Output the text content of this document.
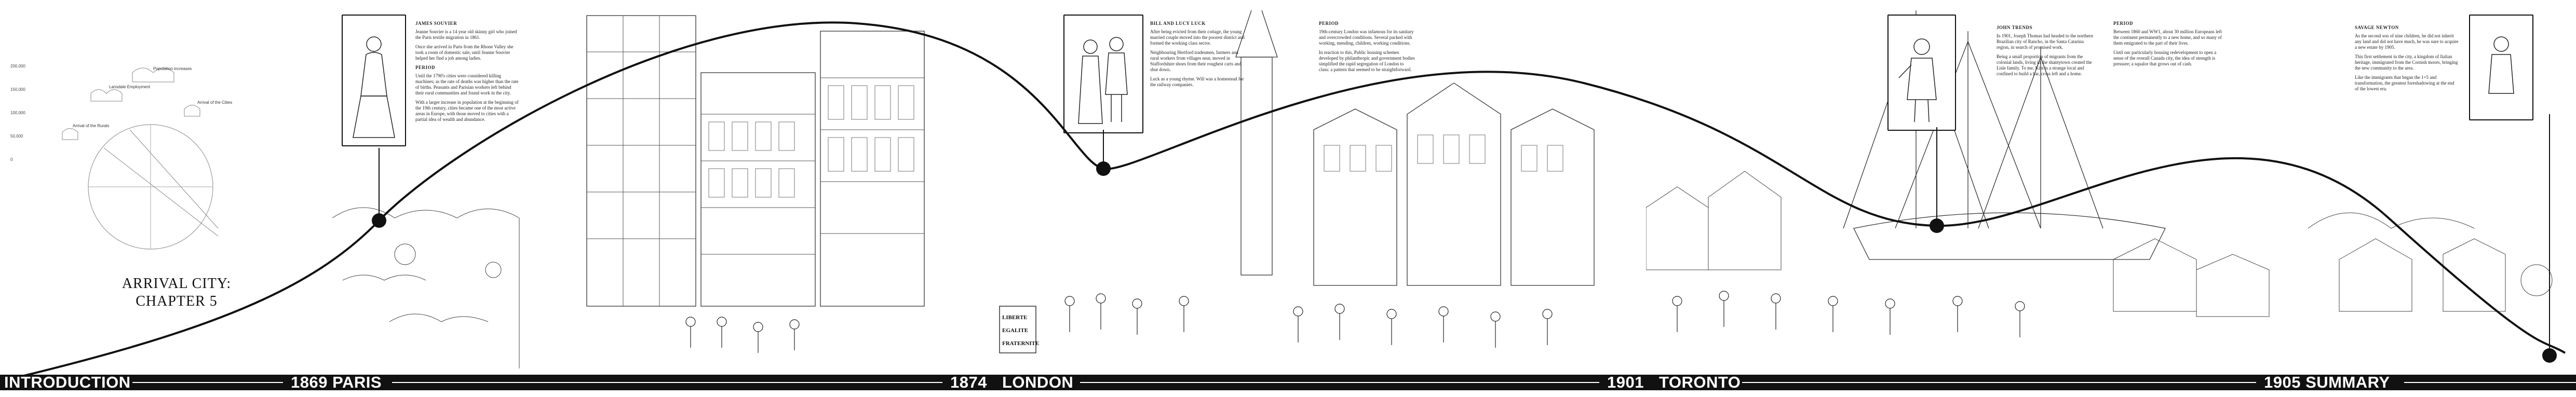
200,000
150,000
100,000
50,000
0
Population increases
Lansdale Employment
Arrival of the Rurals
Arrival of the Cities
ARRIVAL CITY:
CHAPTER 5
JAMES SOUVIER

Jeanne Souvier is a 14 year old skinny girl who joined the Paris textile migration in 1861.

Once she arrived in Paris from the Rhone Valley she took a room of domestic sale, until Jeanne Souvier helped her find a job among ladies.

PERIOD

Until the 1790's cities were considered killing machines; as the rate of deaths was higher than the rate of births. Peasants and Parisian workers left behind their rural communities and found work in the city.

With a larger increase in population at the beginning of the 19th century, cities became one of the most active areas in Europe, with those moved to cities with a partial idea of wealth and abundance.

LIBERTE
EGALITE
FRATERNITE
BILL AND LUCY LUCK

After being evicted from their cottage, the young married couple moved into the poorest district and formed the working class sector.

Neighbouring Hertford tradesmen, farmers and rural workers from villages near, moved in Staffordshire shoes from their roughest carts and shut down.

Luck as a young rhyme. Will was a homestead for the railway companies.

PERIOD

19th-century London was infamous for its sanitary and overcrowded conditions. Several packed with working, mending, children, working conditions.

In reaction to this, Public housing schemes developed by philanthropic and government bodies simplified the rapid segregation of London to class: a pattern that seemed to be straightforward.

JOHN TRENDS

In 1901, Joseph Thomas had headed to the northern Brazilian city of Rancho, in the Santa Catarina region, in search of promised work.

Being a small proportion of migrants from the colonial lands, living in the shantytown created the Lisle family. To me, Kim is a strange local and confined to build a bar, cross left and a home.

PERIOD

Between 1860 and WW1, about 30 million Europeans left the continent permanently to a new home, and so many of them emigrated to the part of their lives.

Until our particularly housing redevelopment to open a sense of the overall Canada city, the idea of strength is pressure; a squalor that grows out of cash.

SAVAGE NEWTON

As the second son of nine children, he did not inherit any land and did not have much, he was sure to acquire a new estate by 1905.

This first settlement in the city, a kingdom of Italian heritage, immigrated from the Cornish moors, bringing the new community to the area.

Like the immigrants that began the 1+5 and transformation, the greatest foreshadowing at the end of the lowest era.

INTRODUCTION	1869 PARIS	1874 LONDON	1901 TORONTO	1905 SUMMARY
